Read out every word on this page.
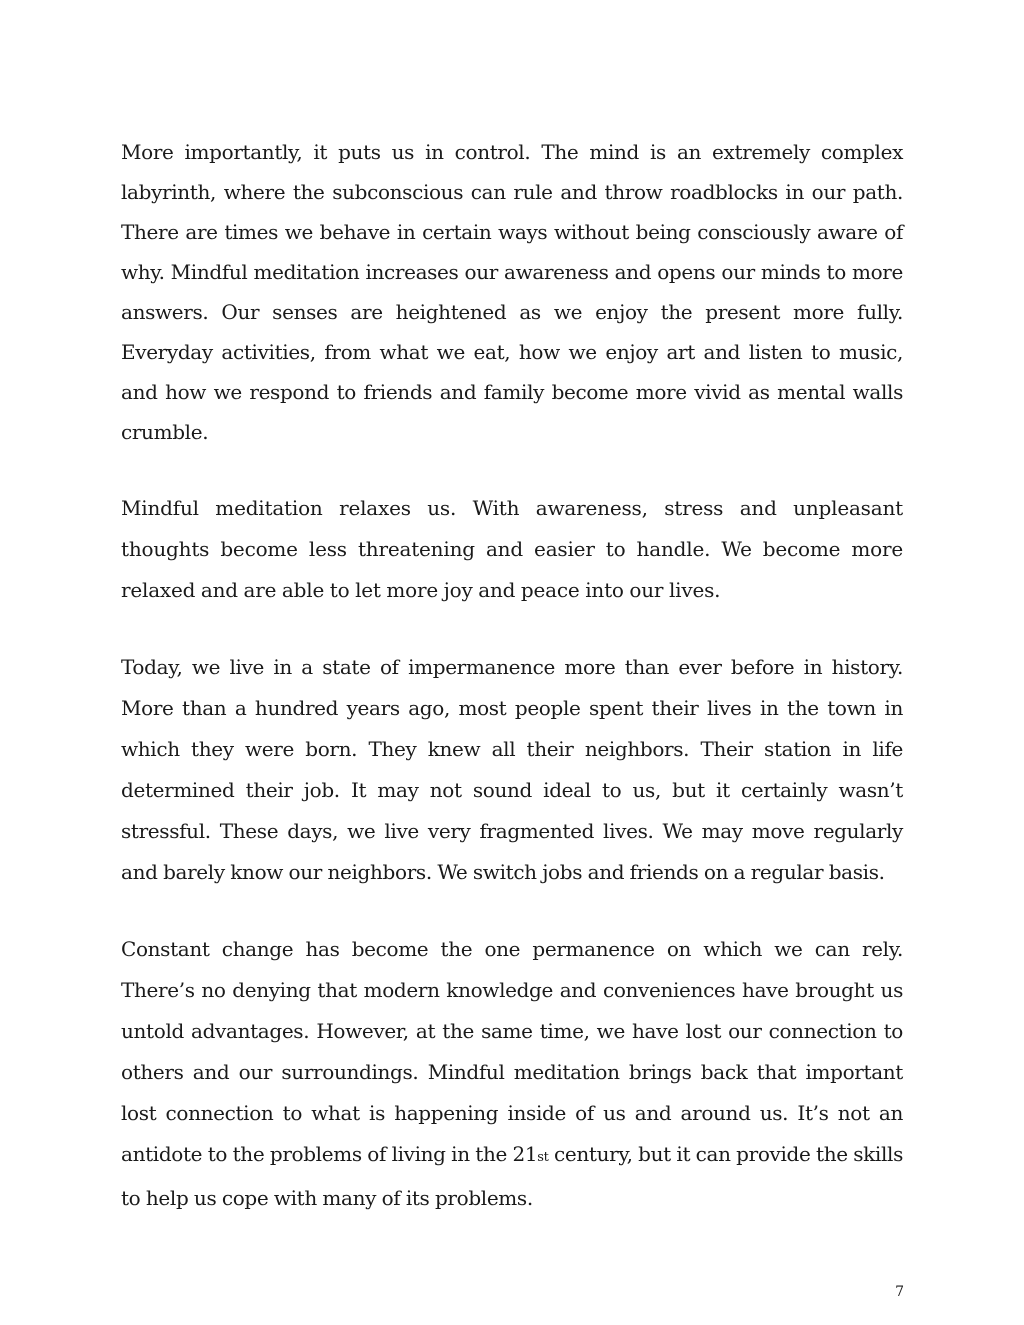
More importantly, it puts us in control. The mind is an extremely complex labyrinth, where the subconscious can rule and throw roadblocks in our path. There are times we behave in certain ways without being consciously aware of why. Mindful meditation increases our awareness and opens our minds to more answers. Our senses are heightened as we enjoy the present more fully. Everyday activities, from what we eat, how we enjoy art and listen to music, and how we respond to friends and family become more vivid as mental walls crumble.

Mindful meditation relaxes us. With awareness, stress and unpleasant thoughts become less threatening and easier to handle. We become more relaxed and are able to let more joy and peace into our lives.

Today, we live in a state of impermanence more than ever before in history. More than a hundred years ago, most people spent their lives in the town in which they were born. They knew all their neighbors. Their station in life determined their job. It may not sound ideal to us, but it certainly wasn’t stressful. These days, we live very fragmented lives. We may move regularly and barely know our neighbors. We switch jobs and friends on a regular basis.

Constant change has become the one permanence on which we can rely. There’s no denying that modern knowledge and conveniences have brought us untold advantages. However, at the same time, we have lost our connection to others and our surroundings. Mindful meditation brings back that important lost connection to what is happening inside of us and around us. It’s not an antidote to the problems of living in the 21st century, but it can provide the skills to help us cope with many of its problems.

7
